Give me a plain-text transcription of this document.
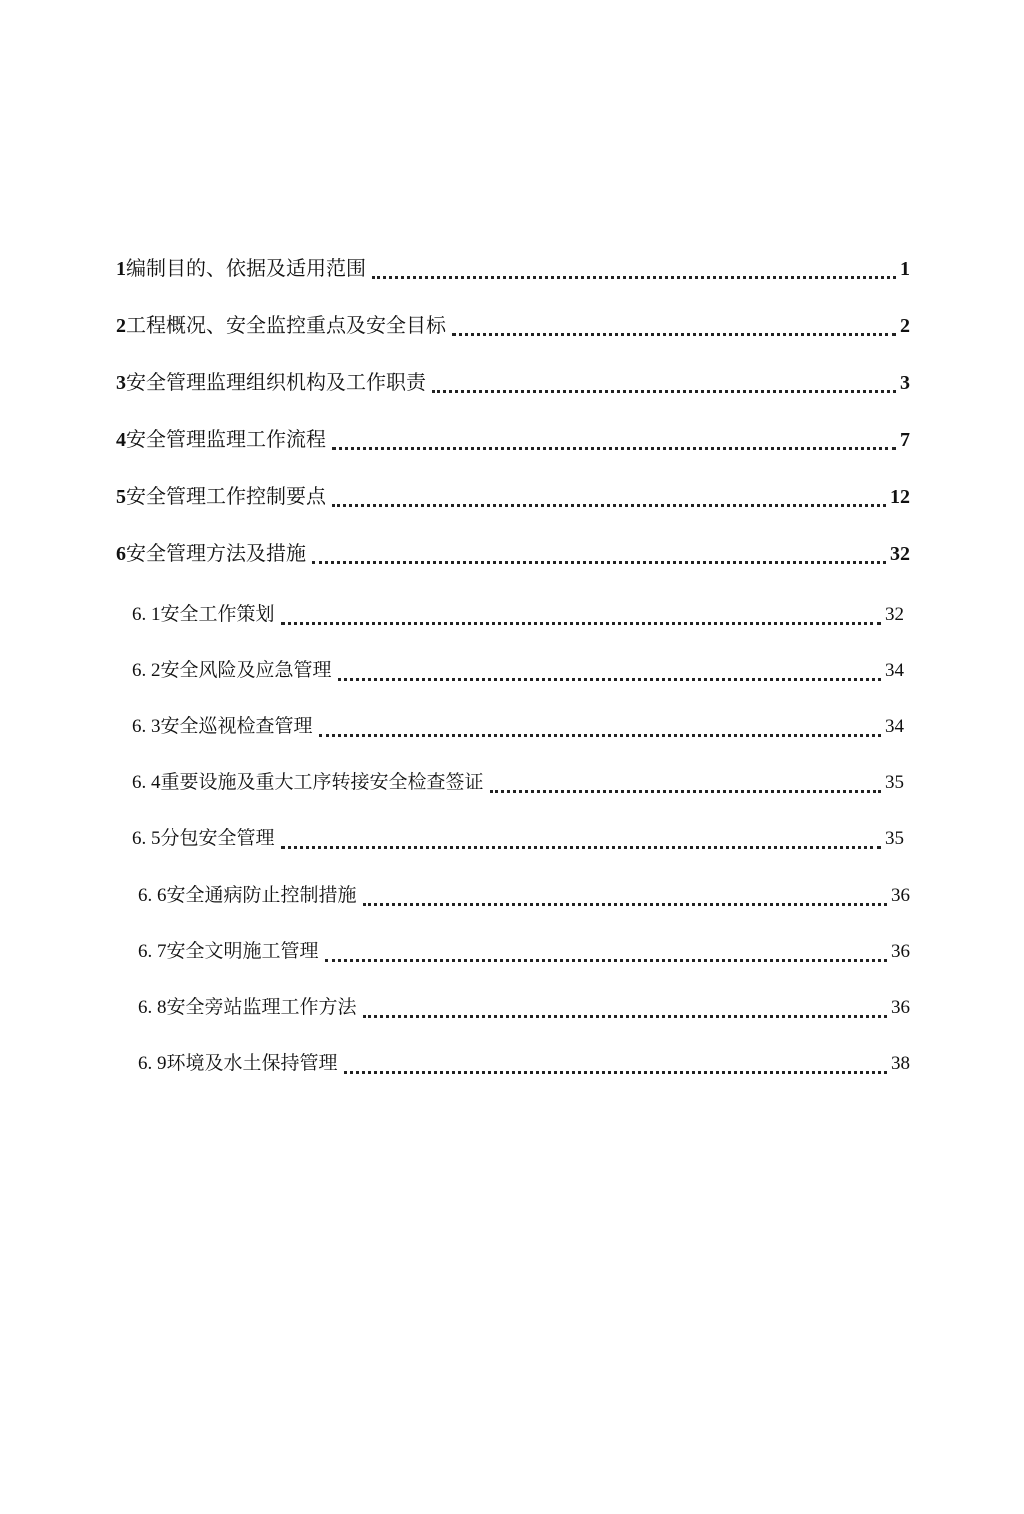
1 编制目的、依据及适用范围	1
2 工程概况、安全监控重点及安全目标	2
3 安全管理监理组织机构及工作职责	3
4 安全管理监理工作流程	7
5 安全管理工作控制要点	12
6 安全管理方法及措施	32
6. 1 安全工作策划	32
6. 2 安全风险及应急管理	34
6. 3 安全巡视检查管理	34
6. 4 重要设施及重大工序转接安全检查签证	35
6. 5 分包安全管理	35
6. 6 安全通病防止控制措施	36
6. 7 安全文明施工管理	36
6. 8 安全旁站监理工作方法	36
6. 9 环境及水土保持管理	38
